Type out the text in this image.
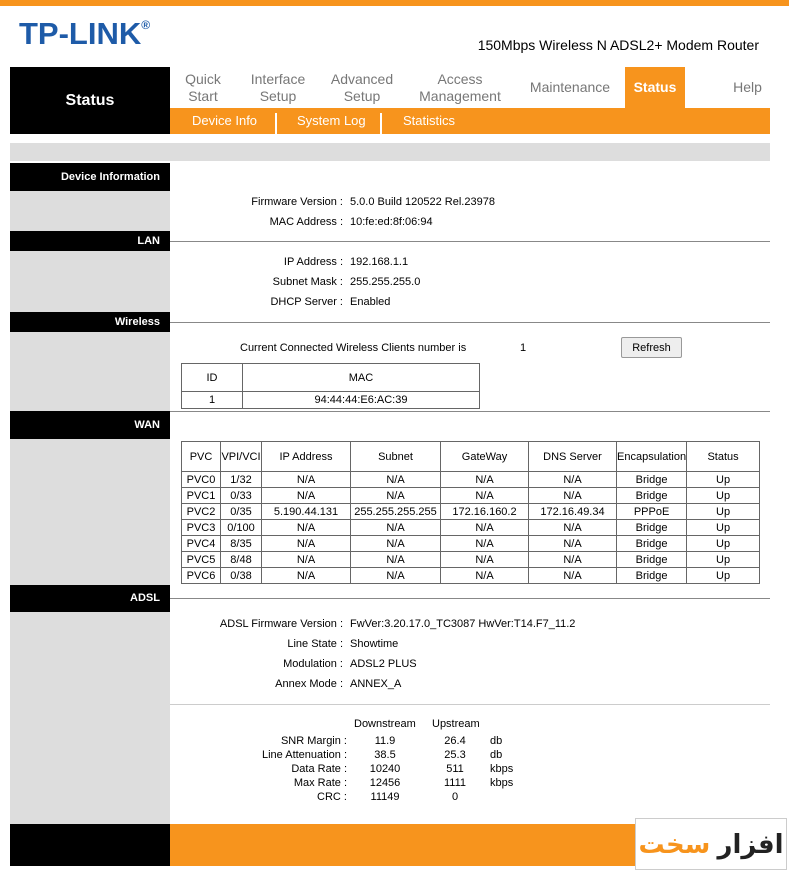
TP-LINK®
150Mbps Wireless N ADSL2+ Modem Router
Status
Quick
Start
Interface
Setup
Advanced
Setup
Access
Management
Maintenance	Status	Help
Device Info	System Log	Statistics
Device Information
Firmware Version : 5.0.0 Build 120522 Rel.23978
MAC Address : 10:fe:ed:8f:06:94
LAN
IP Address : 192.168.1.1
Subnet Mask : 255.255.255.0
DHCP Server : Enabled
Wireless
Current Connected Wireless Clients number is	1	Refresh
ID	MAC
1	94:44:44:E6:AC:39
WAN
PVC	VPI/VCI	IP Address	Subnet	GateWay	DNS Server	Encapsulation	Status
PVC0	1/32	N/A	N/A	N/A	N/A	Bridge	Up
PVC1	0/33	N/A	N/A	N/A	N/A	Bridge	Up
PVC2	0/35	5.190.44.131	255.255.255.255	172.16.160.2	172.16.49.34	PPPoE	Up
PVC3	0/100	N/A	N/A	N/A	N/A	Bridge	Up
PVC4	8/35	N/A	N/A	N/A	N/A	Bridge	Up
PVC5	8/48	N/A	N/A	N/A	N/A	Bridge	Up
PVC6	0/38	N/A	N/A	N/A	N/A	Bridge	Up
ADSL
ADSL Firmware Version : FwVer:3.20.17.0_TC3087 HwVer:T14.F7_11.2
Line State : Showtime
Modulation : ADSL2 PLUS
Annex Mode : ANNEX_A
Downstream Upstream
SNR Margin :	11.9	26.4	db
Line Attenuation :	38.5	25.3	db
Data Rate :	10240	511	kbps
Max Rate :	12456	1111	kbps
CRC :	11149	0
سخت
افزار
